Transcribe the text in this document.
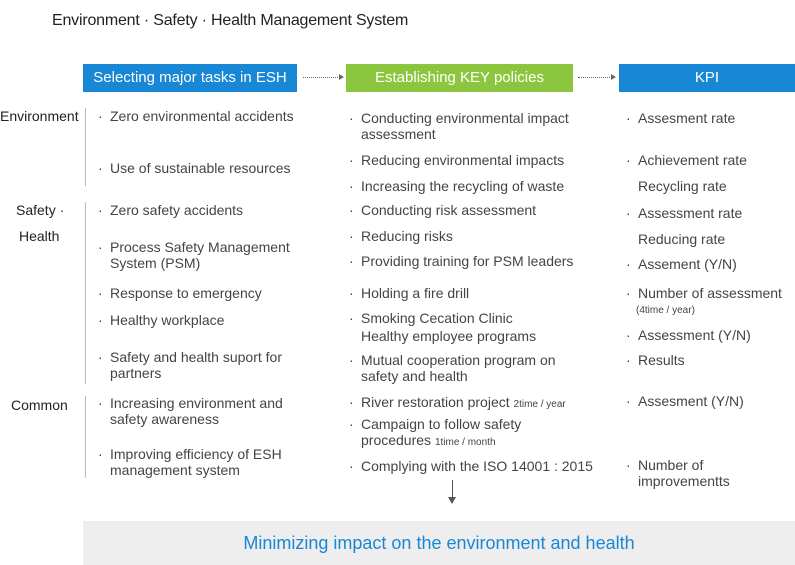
Environment · Safety · Health Management System
Selecting major tasks in ESH	Establishing KEY policies	KPI
Environment
Safety ·
Health
Common
· Zero environmental accidents
· Use of sustainable resources
· Zero safety accidents
· Process Safety Management System (PSM)
· Response to emergency
· Healthy workplace
· Safety and health suport for partners
· Increasing environment and safety awareness
· Improving efficiency of ESH management system
· Conducting environmental impact assessment
· Reducing environmental impacts
· Increasing the recycling of waste
· Conducting risk assessment
· Reducing risks
· Providing training for PSM leaders
· Holding a fire drill
· Smoking Cecation Clinic
Healthy employee programs
· Mutual cooperation program on safety and health
· River restoration project 2time / year
· Campaign to follow safety procedures 1time / month
· Complying with the ISO 14001 : 2015
· Assesment rate
· Achievement rate
Recycling rate
· Assessment rate
Reducing rate
· Assement (Y/N)
· Number of assessment
(4time / year)
· Assessment (Y/N)
· Results
· Assesment (Y/N)
· Number of improvementts
Minimizing impact on the environment and health
